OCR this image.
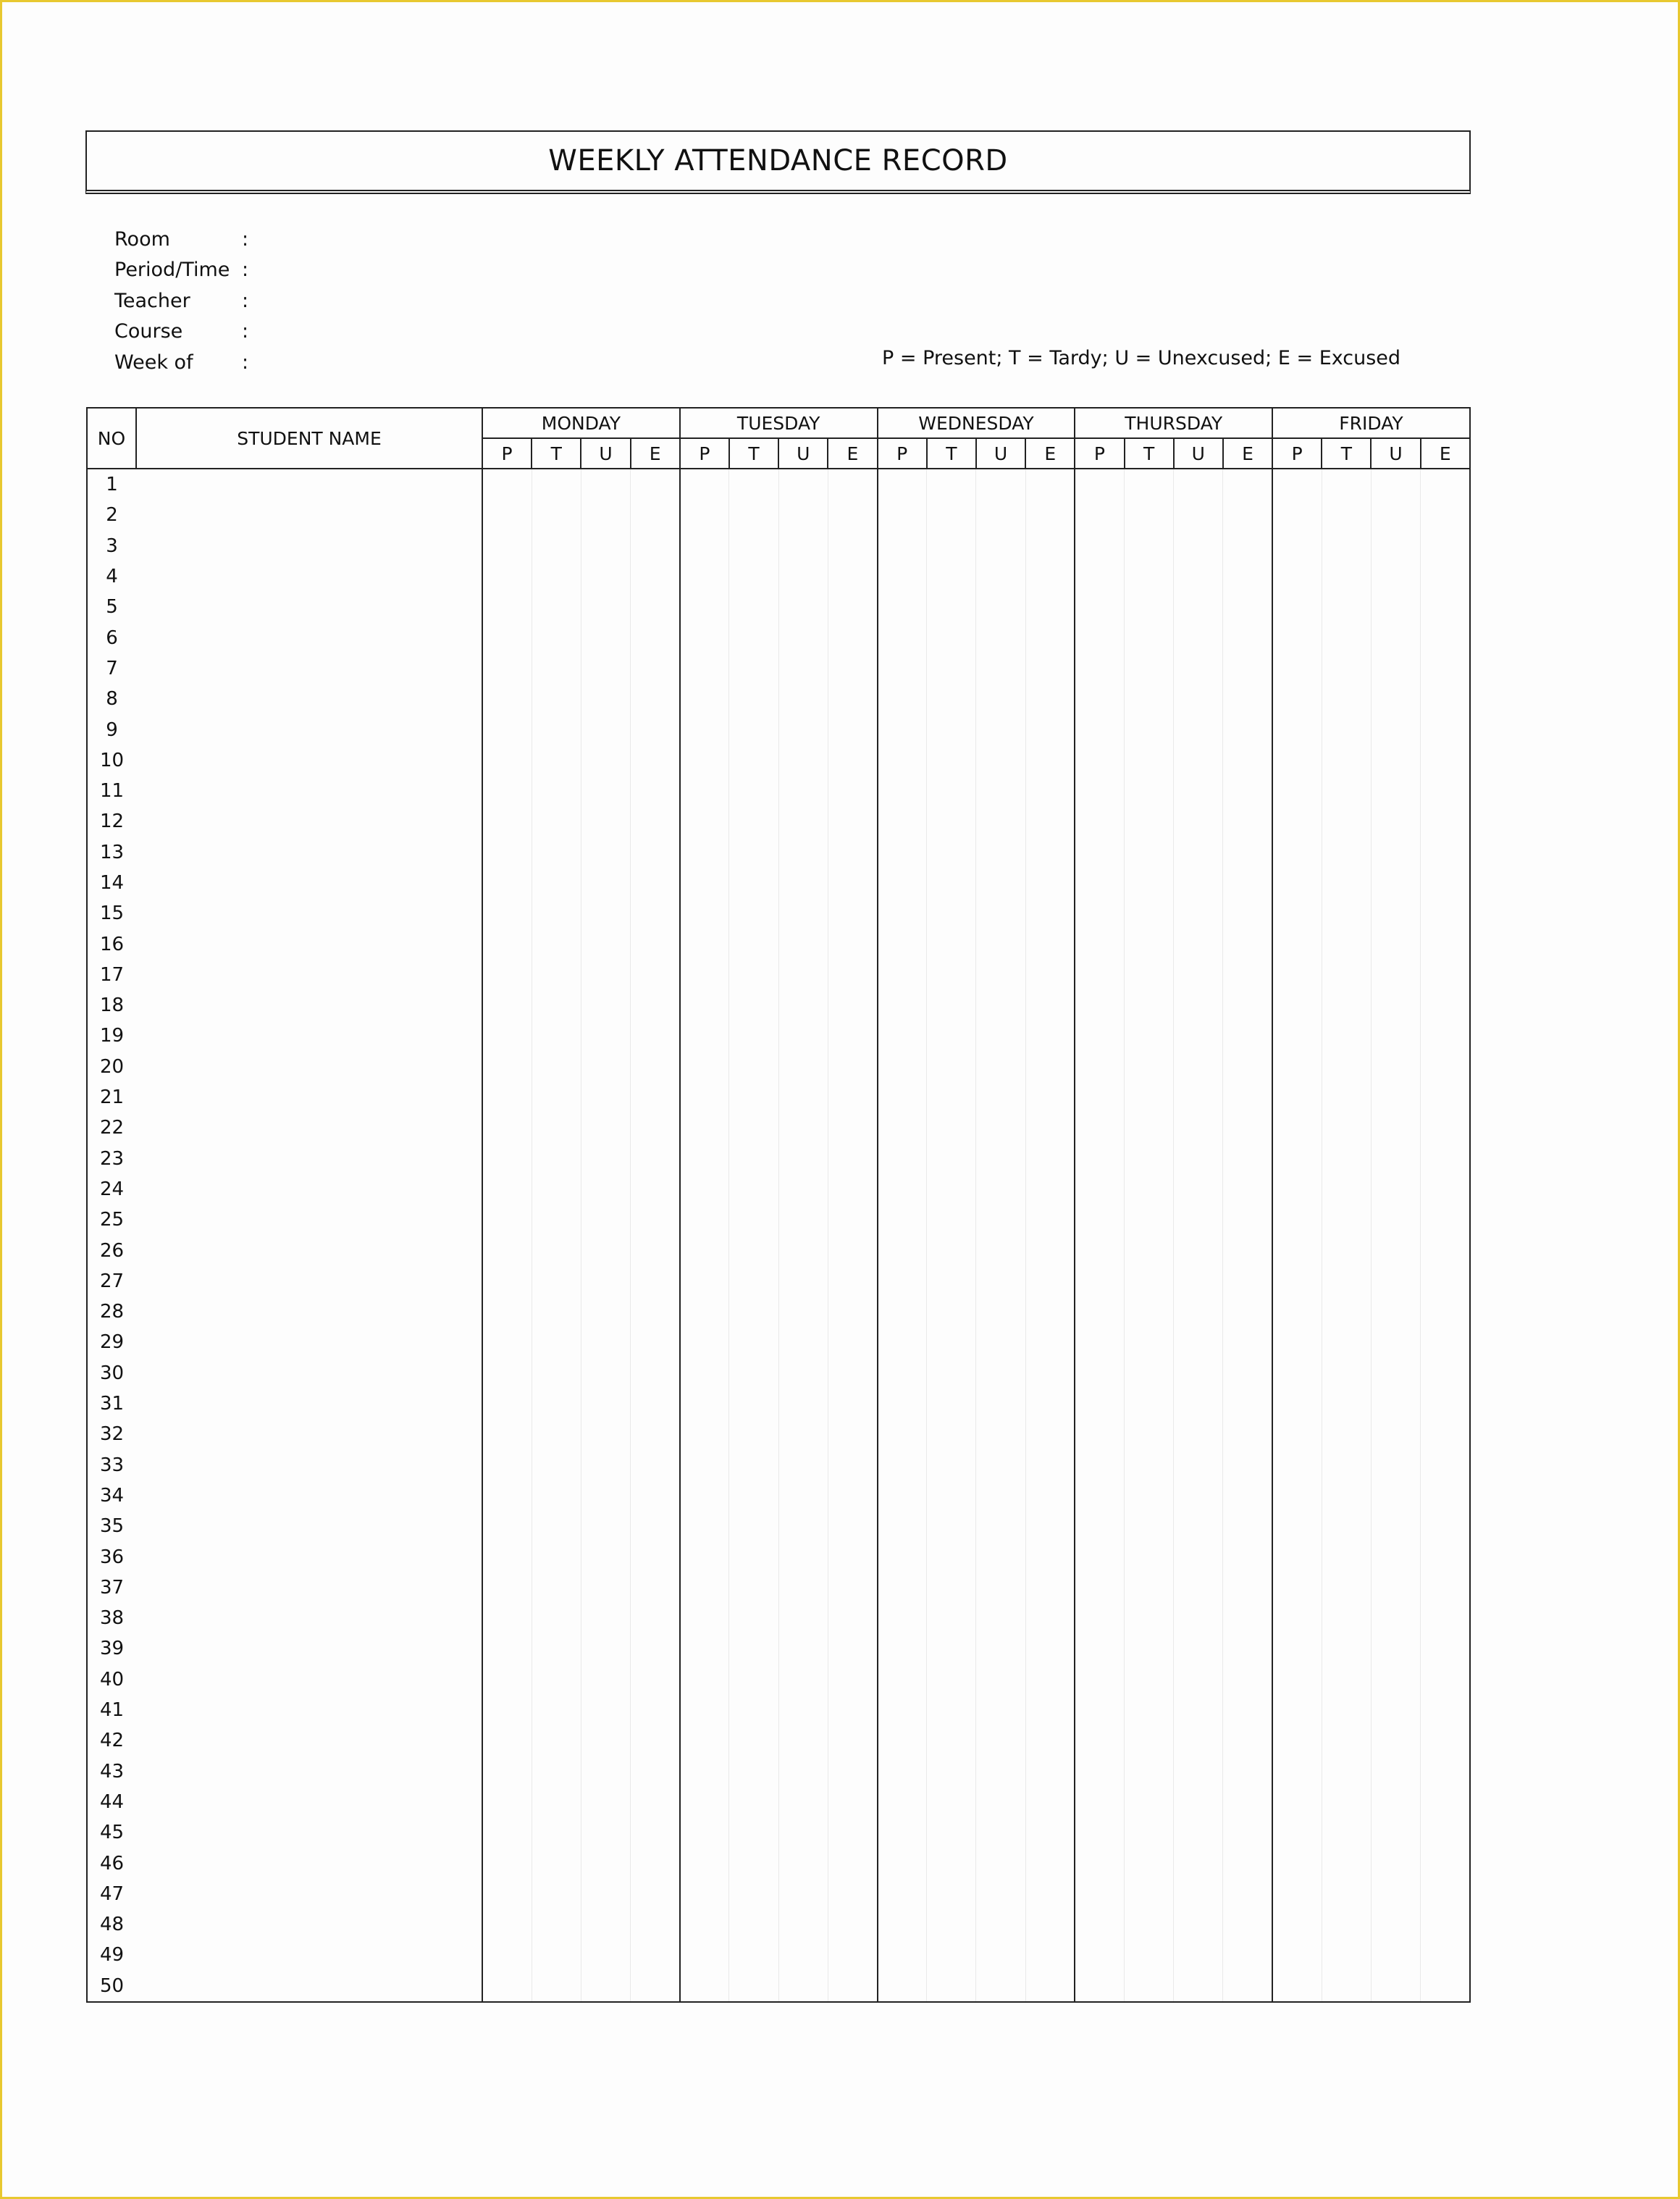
WEEKLY ATTENDANCE RECORD
Room	:
Period/Time :
Teacher	:
Course	:
Week of	:	P = Present; T = Tardy; U = Unexcused; E = Excused
NO	STUDENT NAME	MONDAY				TUESDAY				WEDNESDAY				THURSDAY				FRIDAY			
		P	T	U	E	P	T	U	E	P	T	U	E	P	T	U	E	P	T	U	E
1																					
2																					
3																					
4																					
5																					
6																					
7																					
8																					
9																					
10																					
11																					
12																					
13																					
14																					
15																					
16																					
17																					
18																					
19																					
20																					
21																					
22																					
23																					
24																					
25																					
26																					
27																					
28																					
29																					
30																					
31																					
32																					
33																					
34																					
35																					
36																					
37																					
38																					
39																					
40																					
41																					
42																					
43																					
44																					
45																					
46																					
47																					
48																					
49																					
50																					
